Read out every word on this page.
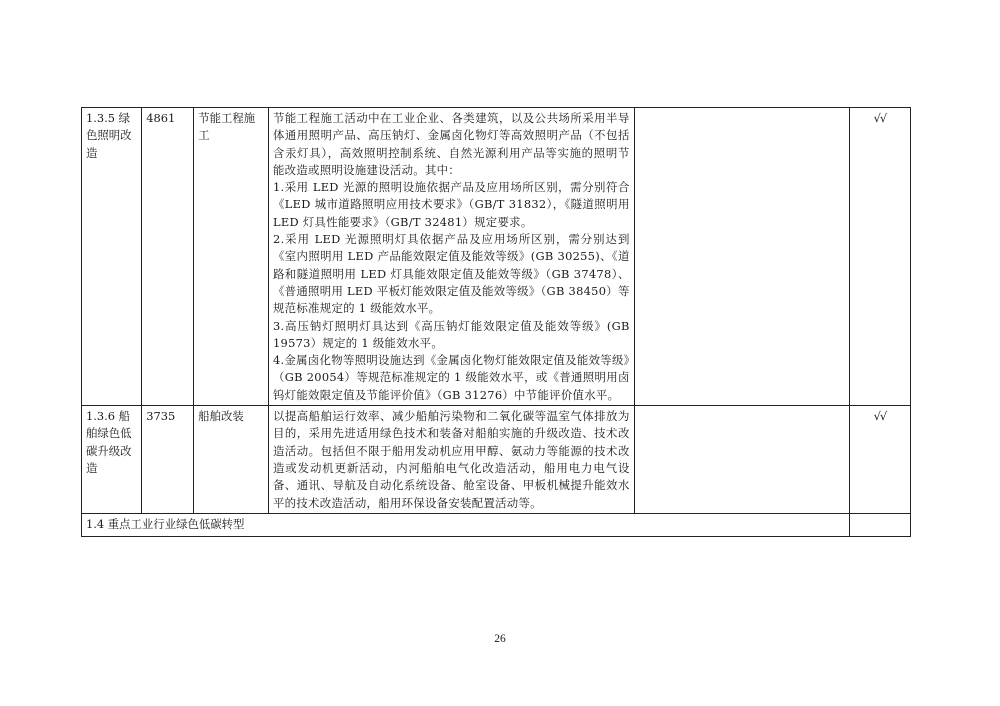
1.3.5 绿色照明改造	4861	节能工程施工	节能工程施工活动中在工业企业、各类建筑，以及公共场所采用半导体通用照明产品、高压钠灯、金属卤化物灯等高效照明产品（不包括含汞灯具），高效照明控制系统、自然光源利用产品等实施的照明节能改造或照明设施建设活动。其中：

1.采用 LED 光源的照明设施依据产品及应用场所区别，需分别符合《LED 城市道路照明应用技术要求》（GB/T 31832），《隧道照明用 LED 灯具性能要求》（GB/T 32481）规定要求。

2.采用 LED 光源照明灯具依据产品及应用场所区别，需分别达到《室内照明用 LED 产品能效限定值及能效等级》(GB 30255)、《道路和隧道照明用 LED 灯具能效限定值及能效等级》（GB 37478）、《普通照明用 LED 平板灯能效限定值及能效等级》（GB 38450）等规范标准规定的 1 级能效水平。

3.高压钠灯照明灯具达到《高压钠灯能效限定值及能效等级》(GB 19573）规定的 1 级能效水平。

4.金属卤化物等照明设施达到《金属卤化物灯能效限定值及能效等级》（GB 20054）等规范标准规定的 1 级能效水平，或《普通照明用卤钨灯能效限定值及节能评价值》（GB 31276）中节能评价值水平。		√√
1.3.6 船舶绿色低碳升级改造	3735	船舶改装	以提高船舶运行效率、减少船舶污染物和二氧化碳等温室气体排放为目的，采用先进适用绿色技术和装备对船舶实施的升级改造、技术改造活动。包括但不限于船用发动机应用甲醇、氨动力等能源的技术改造或发动机更新活动，内河船舶电气化改造活动，船用电力电气设备、通讯、导航及自动化系统设备、舱室设备、甲板机械提升能效水平的技术改造活动，船用环保设备安装配置活动等。		√√
1.4 重点工业行业绿色低碳转型					
26
